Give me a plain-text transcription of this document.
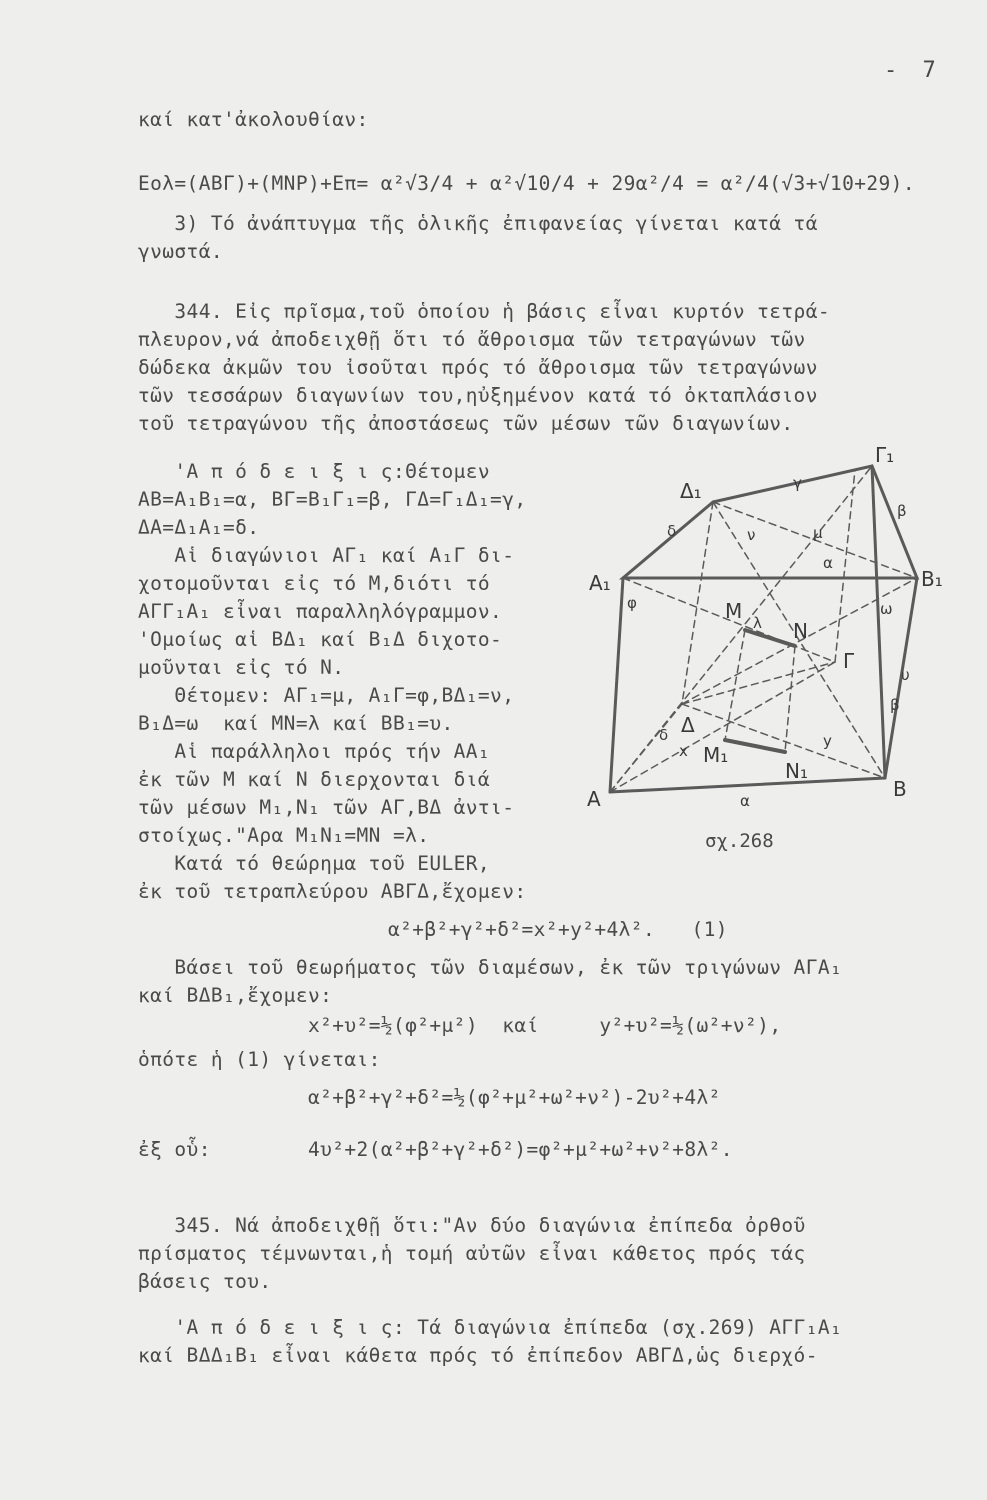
- 7
καί κατ'ἀκολουθίαν:
Eολ=(ΑΒΓ)+(ΜΝΡ)+Eπ= α²√3/4 + α²√10/4 + 29α²/4 = α²/4(√3+√10+29).
3) Τό ἀνάπτυγμα τῆς ὁλικῆς ἐπιφανείας γίνεται κατά τά
γνωστά.
344. Εἰς πρῖσμα,τοῦ ὁποίου ἡ βάσις εἶναι κυρτόν τετρά-
πλευρον,νά ἀποδειχθῇ ὅτι τό ἄθροισμα τῶν τετραγώνων τῶν
δώδεκα ἀκμῶν του ἰσοῦται πρός τό ἄθροισμα τῶν τετραγώνων
τῶν τεσσάρων διαγωνίων του,ηὐξημένον κατά τό ὀκταπλάσιον
τοῦ τετραγώνου τῆς ἀποστάσεως τῶν μέσων τῶν διαγωνίων.
'Α π ό δ ε ι ξ ι ς:Θέτομεν
ΑΒ=Α₁Β₁=α, ΒΓ=Β₁Γ₁=β, ΓΔ=Γ₁Δ₁=γ,
ΔΑ=Δ₁Α₁=δ.
Αἱ διαγώνιοι ΑΓ₁ καί Α₁Γ δι-
χοτομοῦνται εἰς τό Μ,διότι τό
ΑΓΓ₁Α₁ εἶναι παραλληλόγραμμον.
'Ομοίως αἱ ΒΔ₁ καί Β₁Δ διχοτο-
μοῦνται εἰς τό Ν.
Θέτομεν: ΑΓ₁=μ, Α₁Γ=φ,ΒΔ₁=ν,
Β₁Δ=ω  καί ΜΝ=λ καί ΒΒ₁=υ.
Αἱ παράλληλοι πρός τήν ΑΑ₁
ἐκ τῶν Μ καί Ν διερχονται διά
τῶν μέσων Μ₁,Ν₁ τῶν ΑΓ,ΒΔ ἀντι-
στοίχως."Αρα Μ₁Ν₁=ΜΝ =λ.
Κατά τό θεώρημα τοῦ EULER,
ἐκ τοῦ τετραπλεύρου ΑΒΓΔ,ἔχομεν:
α²+β²+γ²+δ²=x²+y²+4λ².   (1)
Βάσει τοῦ θεωρήματος τῶν διαμέσων, ἐκ τῶν τριγώνων ΑΓΑ₁
καί ΒΔΒ₁,ἔχομεν:
x²+υ²=½(φ²+μ²)  καί     y²+υ²=½(ω²+ν²),
ὁπότε ἡ (1) γίνεται:
α²+β²+γ²+δ²=½(φ²+μ²+ω²+ν²)-2υ²+4λ²
ἐξ οὗ:	4υ²+2(α²+β²+γ²+δ²)=φ²+μ²+ω²+ν²+8λ².
345. Νά ἀποδειχθῇ ὅτι:"Αν δύο διαγώνια ἐπίπεδα ὀρθοῦ
πρίσματος τέμνωνται,ἡ τομή αὐτῶν εἶναι κάθετος πρός τάς
βάσεις του.
'Α π ό δ ε ι ξ ι ς: Τά διαγώνια ἐπίπεδα (σχ.269) ΑΓΓ₁Α₁
καί ΒΔΔ₁Β₁ εἶναι κάθετα πρός τό ἐπίπεδον ΑΒΓΔ,ὡς διερχό-
Γ₁
Δ₁
Α₁	Β₁
Μ
Ν
Γ
Δ
Μ₁
Ν₁
Α	Β
γ
β
δ
α
φ	ω
μ
ν
λ
υ
x
y
α
β
δ
σχ.268
